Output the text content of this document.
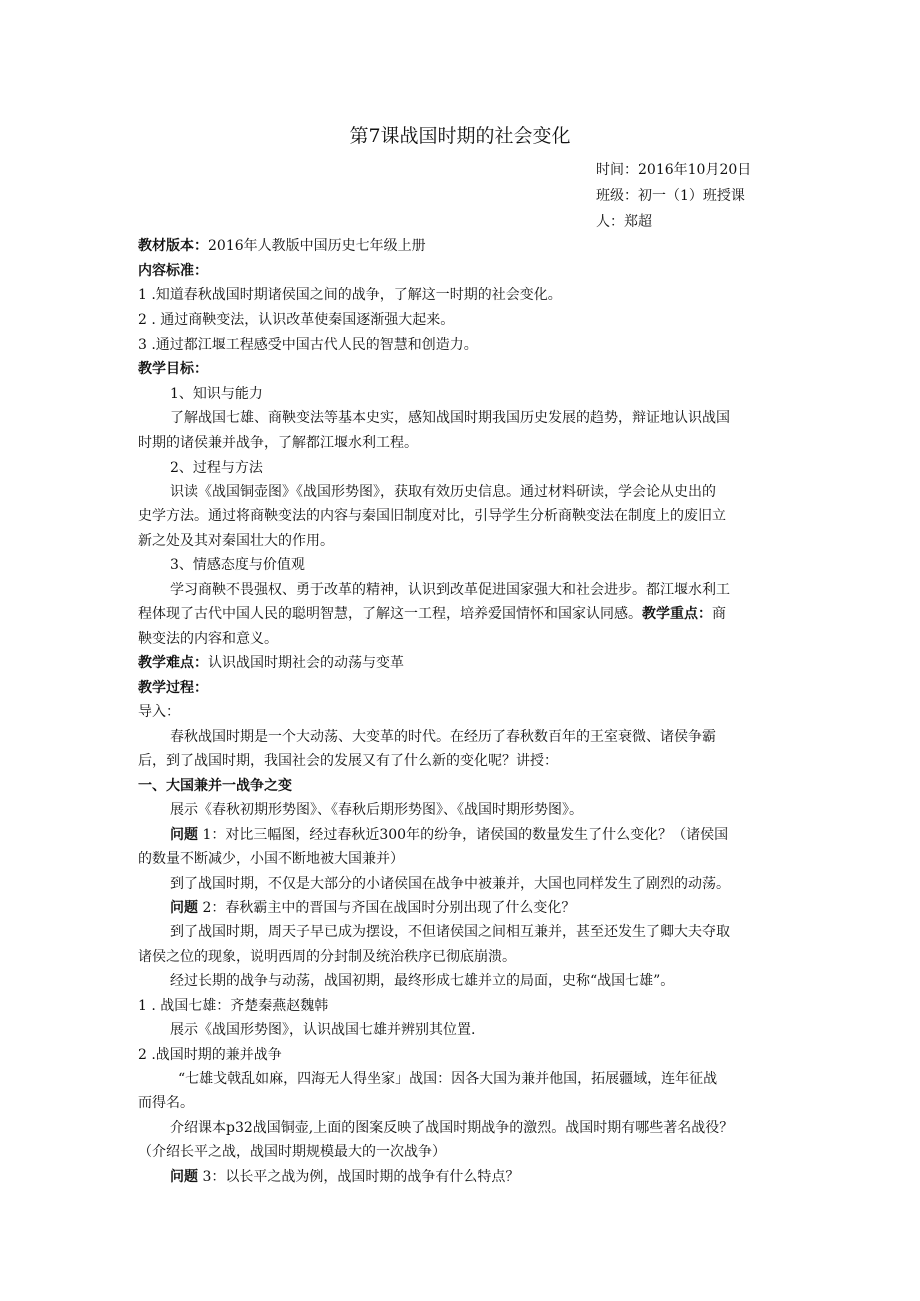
第7课战国时期的社会变化
时间：2016年10月20日
班级：初一（1）班授课
人：郑超
教材版本：2016年人教版中国历史七年级上册
内容标准：
1 .知道春秋战国时期诸侯国之间的战争，了解这一时期的社会变化。
2 . 通过商鞅变法，认识改革使秦国逐渐强大起来。
3 .通过都江堰工程感受中国古代人民的智慧和创造力。
教学目标：
1、知识与能力
了解战国七雄、商鞅变法等基本史实，感知战国时期我国历史发展的趋势，辩证地认识战国
时期的诸侯兼并战争，了解都江堰水利工程。
2、过程与方法
识读《战国铜壶图》《战国形势图》，获取有效历史信息。通过材料研读，学会论从史出的
史学方法。通过将商鞅变法的内容与秦国旧制度对比，引导学生分析商鞅变法在制度上的废旧立
新之处及其对秦国壮大的作用。
3、情感态度与价值观
学习商鞅不畏强权、勇于改革的精神，认识到改革促进国家强大和社会进步。都江堰水利工
程体现了古代中国人民的聪明智慧，了解这一工程，培养爱国情怀和国家认同感。教学重点：商
鞅变法的内容和意义。
教学难点：认识战国时期社会的动荡与变革
教学过程：
导入：
春秋战国时期是一个大动荡、大变革的时代。在经历了春秋数百年的王室衰微、诸侯争霸
后，到了战国时期，我国社会的发展又有了什么新的变化呢？讲授：
一、大国兼并一战争之变
展示《春秋初期形势图》、《春秋后期形势图》、《战国时期形势图》。
问题 1：对比三幅图，经过春秋近300年的纷争，诸侯国的数量发生了什么变化？（诸侯国
的数量不断减少，小国不断地被大国兼并）
到了战国时期，不仅是大部分的小诸侯国在战争中被兼并，大国也同样发生了剧烈的动荡。
问题 2：春秋霸主中的晋国与齐国在战国时分别出现了什么变化？
到了战国时期，周天子早已成为摆设，不但诸侯国之间相互兼并，甚至还发生了卿大夫夺取
诸侯之位的现象，说明西周的分封制及统治秩序已彻底崩溃。
经过长期的战争与动荡，战国初期，最终形成七雄并立的局面，史称“战国七雄”。
1 . 战国七雄：齐楚秦燕赵魏韩
展示《战国形势图》，认识战国七雄并辨别其位置.
2 .战国时期的兼并战争
“七雄戈戟乱如麻，四海无人得坐家」战国：因各大国为兼并他国，拓展疆域，连年征战
而得名。
介绍课本p32战国铜壶,上面的图案反映了战国时期战争的激烈。战国时期有哪些著名战役？
（介绍长平之战，战国时期规模最大的一次战争）
问题 3：以长平之战为例，战国时期的战争有什么特点？
